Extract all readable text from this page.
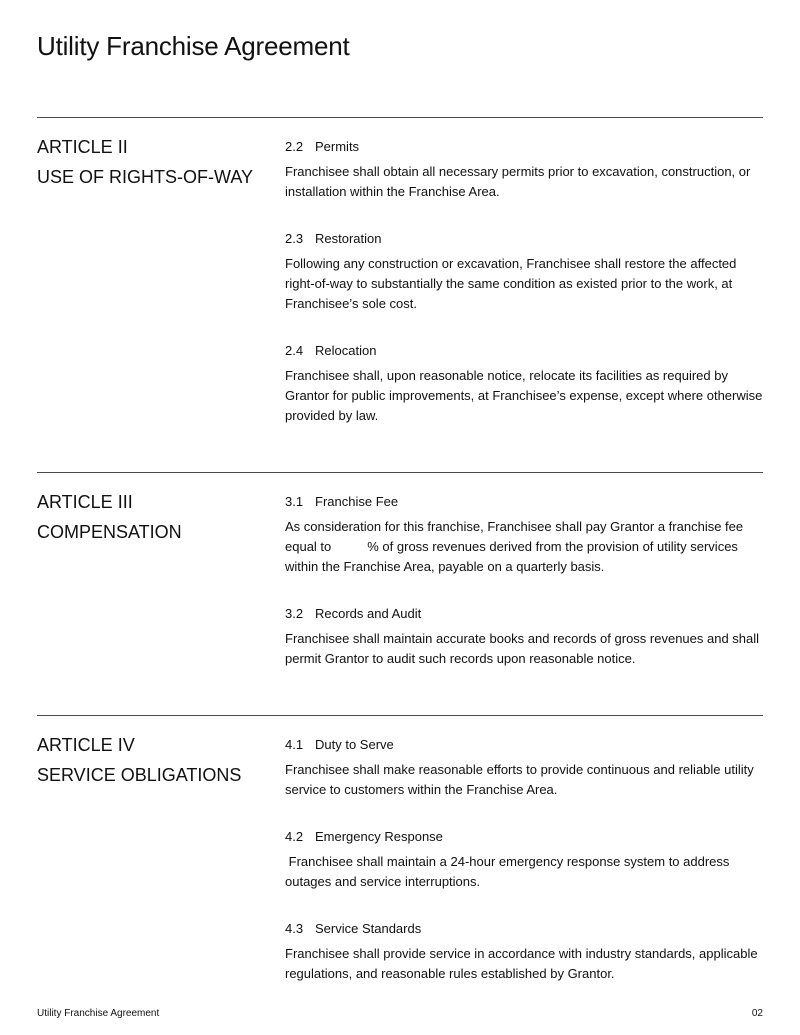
Utility Franchise Agreement
ARTICLE II
USE OF RIGHTS-OF-WAY
2.2 Permits

Franchisee shall obtain all necessary permits prior to excavation, construction, or installation within the Franchise Area.

2.3 Restoration

Following any construction or excavation, Franchisee shall restore the affected right-of-way to substantially the same condition as existed prior to the work, at Franchisee’s sole cost.

2.4 Relocation

Franchisee shall, upon reasonable notice, relocate its facilities as required by Grantor for public improvements, at Franchisee’s expense, except where otherwise provided by law.

ARTICLE III
COMPENSATION
3.1 Franchise Fee

As consideration for this franchise, Franchisee shall pay Grantor a franchise fee equal to	% of gross revenues derived from the provision of utility services within the Franchise Area, payable on a quarterly basis.

3.2 Records and Audit

Franchisee shall maintain accurate books and records of gross revenues and shall permit Grantor to audit such records upon reasonable notice.

ARTICLE IV
SERVICE OBLIGATIONS
4.1 Duty to Serve

Franchisee shall make reasonable efforts to provide continuous and reliable utility service to customers within the Franchise Area.

4.2 Emergency Response

Franchisee shall maintain a 24-hour emergency response system to address outages and service interruptions.

4.3 Service Standards

Franchisee shall provide service in accordance with industry standards, applicable regulations, and reasonable rules established by Grantor.

Utility Franchise Agreement	02
